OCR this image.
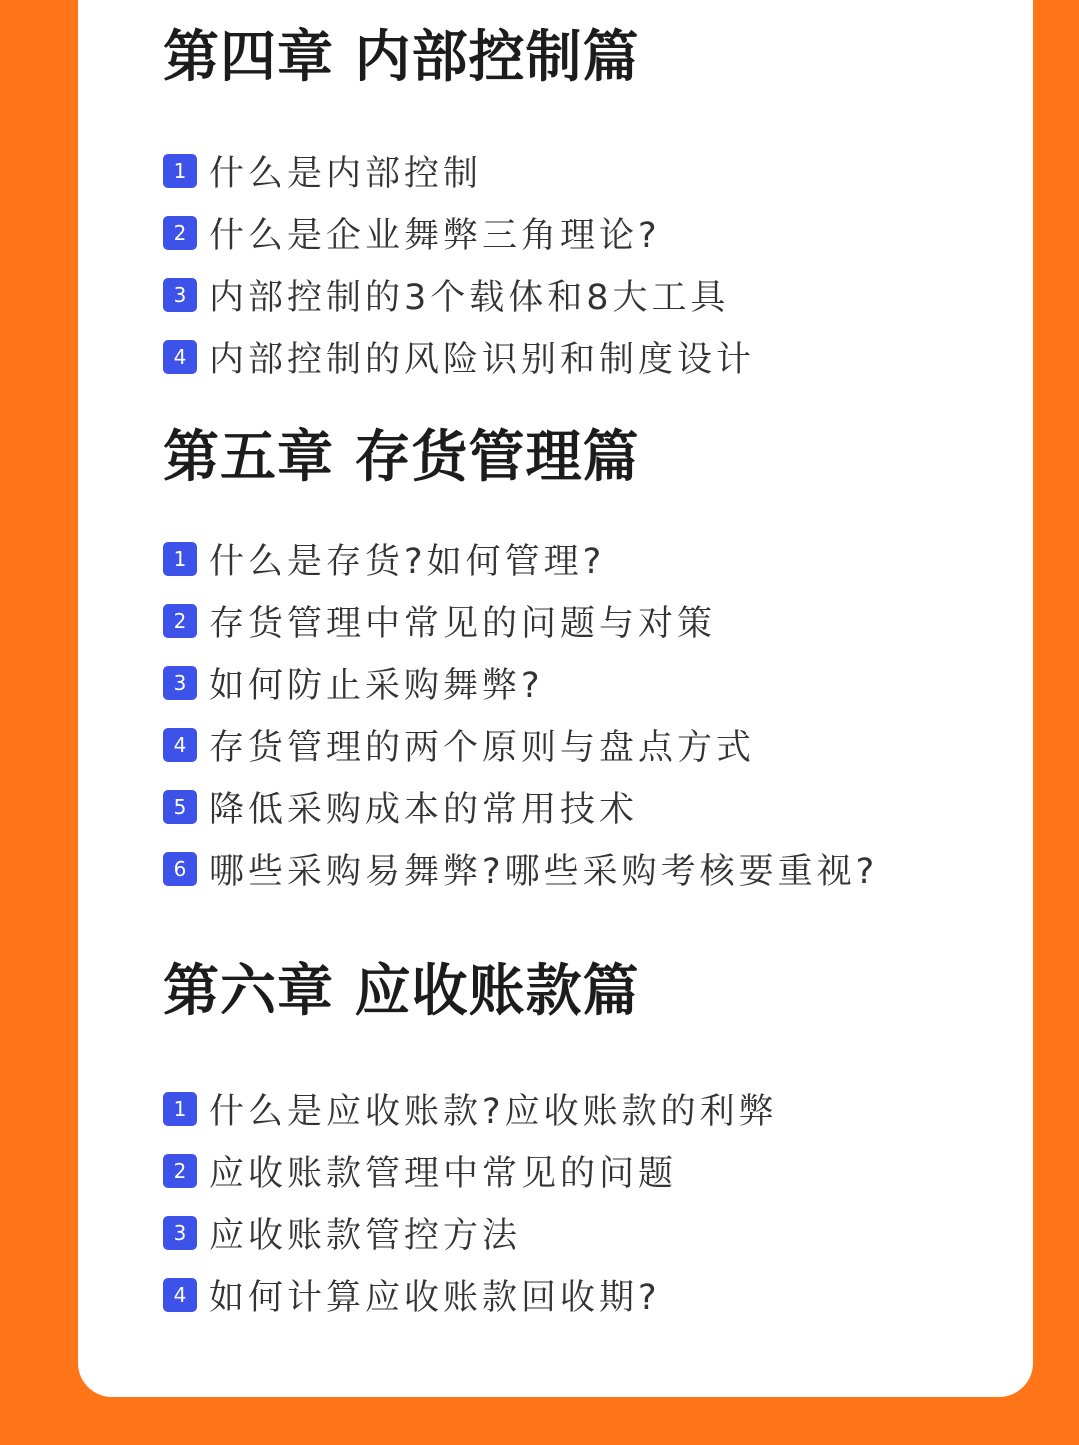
第四章 内部控制篇
1 什么是内部控制
2 什么是企业舞弊三角理论?
3 内部控制的3个载体和8大工具
4 内部控制的风险识别和制度设计
第五章 存货管理篇
1 什么是存货?如何管理?
2 存货管理中常见的问题与对策
3 如何防止采购舞弊?
4 存货管理的两个原则与盘点方式
5 降低采购成本的常用技术
6 哪些采购易舞弊?哪些采购考核要重视?
第六章 应收账款篇
1 什么是应收账款?应收账款的利弊
2 应收账款管理中常见的问题
3 应收账款管控方法
4 如何计算应收账款回收期?
